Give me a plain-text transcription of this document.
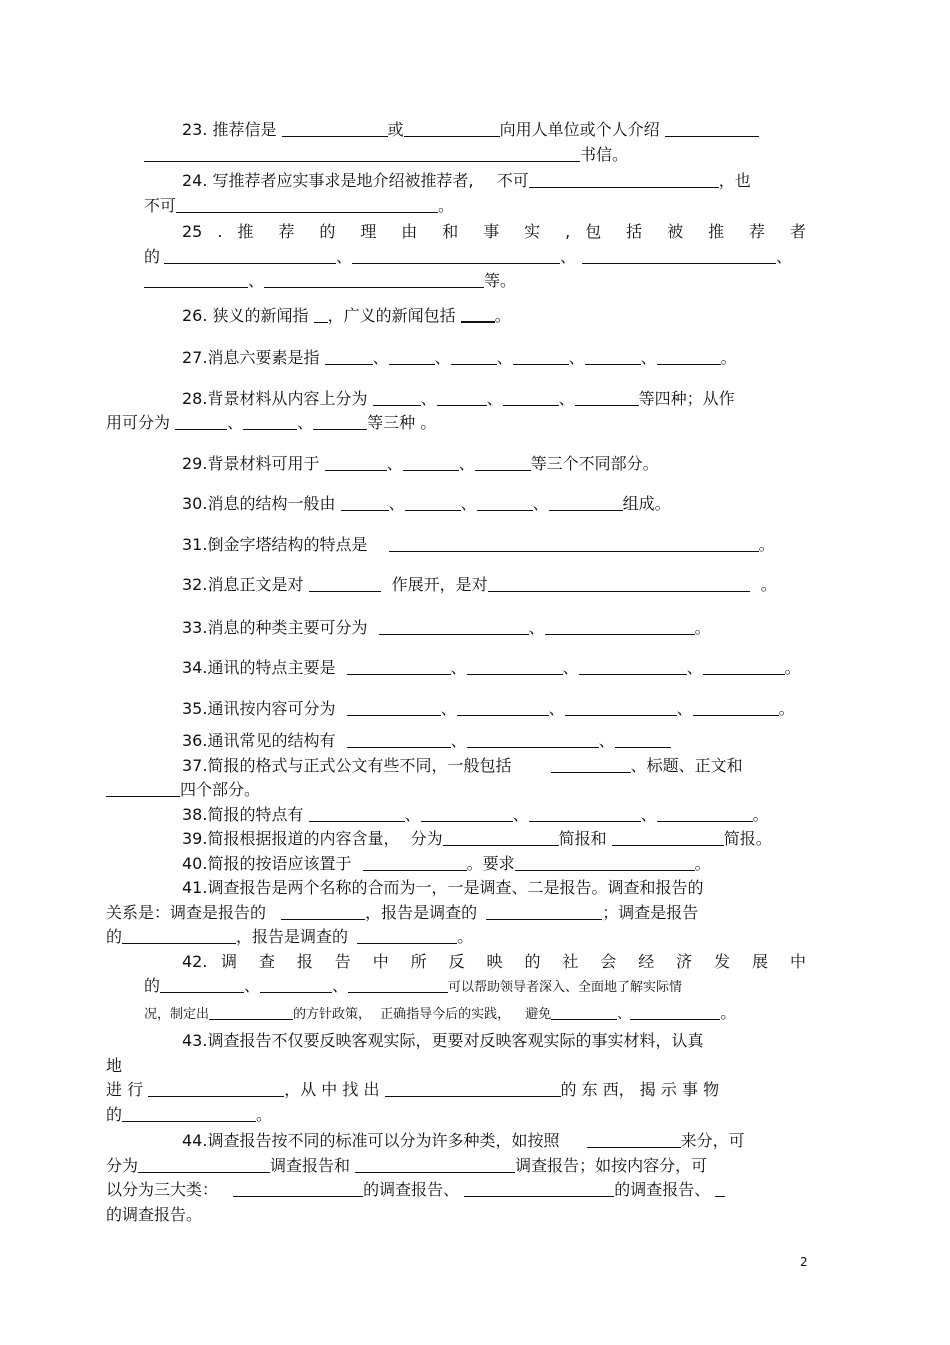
23. 推荐信是	或	向用人单位或个人介绍
书信。

24. 写推荐者应实事求是地介绍被推荐者, 不可	，也
不可	。

25 . 推 荐 的 理 由 和 事 实 , 包 括 被 推 荐 者
的	、	、	、
、	等。

26. 狭义的新闻指 ，广义的新闻包括 。

27.消息六要素是指	、	、	、	、	、	。

28.背景材料从内容上分为	、	、	、	等四种；从作
用可分为	、	、	等三种 。

29.背景材料可用于	、	、	等三个不同部分。

30.消息的结构一般由	、	、	、	组成。

31.倒金字塔结构的特点是	。

32.消息正文是对	作展开，是对	。

33.消息的种类主要可分为	、	。

34.通讯的特点主要是	、	、	、	。

35.通讯按内容可分为	、	、	、	。

36.通讯常见的结构有	、	、

37.简报的格式与正式公文有些不同，一般包括	、标题、正文和
四个部分。

38.简报的特点有	、	、	、	。

39.简报根据报道的内容含量， 分为	简报和	简报。

40.简报的按语应该置于	。要求	。

41.调查报告是两个名称的合而为一，一是调查、二是报告。调查和报告的
关系是：调查是报告的	，报告是调查的	；调查是报告
的	，报告是调查的	。

42. 调 查 报 告 中 所 反 映 的 社 会 经 济 发 展 中
的	、	、	可以帮助领导者深入、全面地了解实际情
况，制定出	的方针政策， 正确指导今后的实践， 避免	、	。

43.调查报告不仅要反映客观实际，更要对反映客观实际的事实材料，认真
地
进 行	，从 中 找 出	的 东 西， 揭 示 事 物
的	。

44.调查报告按不同的标准可以分为许多种类，如按照	来分，可
分为	调查报告和	调查报告；如按内容分，可
以分为三大类：	的调查报告、	的调查报告、
的调查报告。

2
